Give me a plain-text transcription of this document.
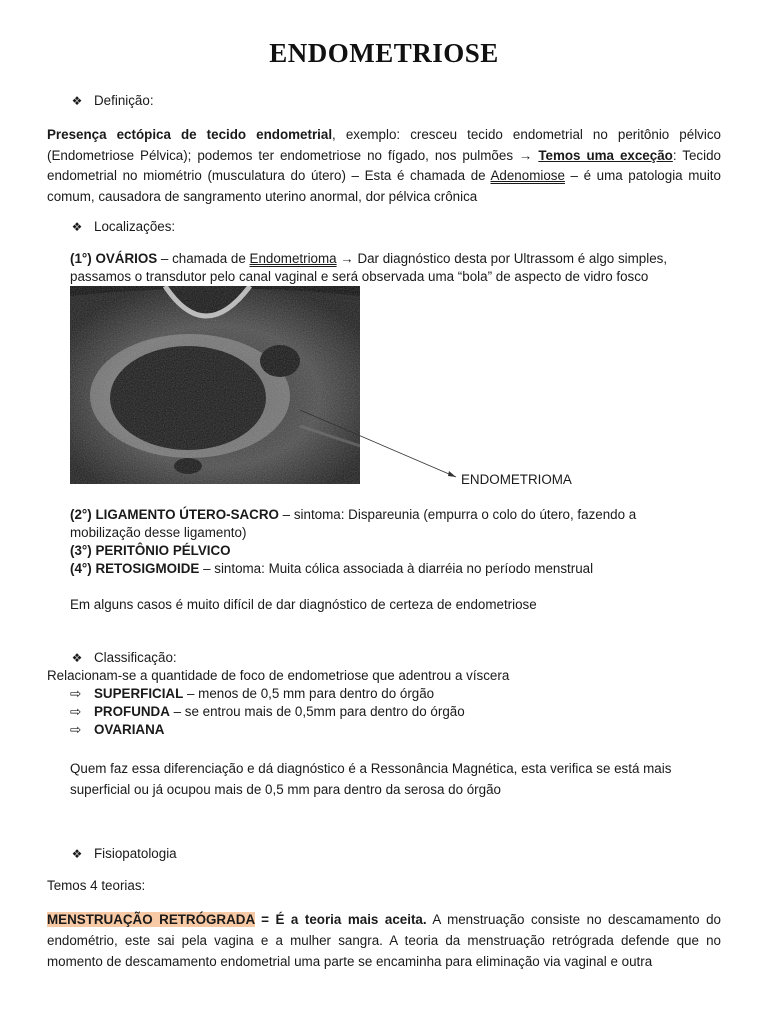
ENDOMETRIOSE
❖ Definição:
Presença ectópica de tecido endometrial, exemplo: cresceu tecido endometrial no peritônio pélvico (Endometriose Pélvica); podemos ter endometriose no fígado, nos pulmões → Temos uma exceção: Tecido endometrial no miométrio (musculatura do útero) – Esta é chamada de Adenomiose – é uma patologia muito comum, causadora de sangramento uterino anormal, dor pélvica crônica
❖ Localizações:
(1°) OVÁRIOS – chamada de Endometrioma → Dar diagnóstico desta por Ultrassom é algo simples, passamos o transdutor pelo canal vaginal e será observada uma “bola” de aspecto de vidro fosco
ENDOMETRIOMA
(2°) LIGAMENTO ÚTERO-SACRO – sintoma: Dispareunia (empurra o colo do útero, fazendo a mobilização desse ligamento)
(3°) PERITÔNIO PÉLVICO
(4°) RETOSIGMOIDE – sintoma: Muita cólica associada à diarréia no período menstrual
Em alguns casos é muito difícil de dar diagnóstico de certeza de endometriose
❖ Classificação:
Relacionam-se a quantidade de foco de endometriose que adentrou a víscera
⇨ SUPERFICIAL – menos de 0,5 mm para dentro do órgão
⇨ PROFUNDA – se entrou mais de 0,5mm para dentro do órgão
⇨ OVARIANA
Quem faz essa diferenciação e dá diagnóstico é a Ressonância Magnética, esta verifica se está mais superficial ou já ocupou mais de 0,5 mm para dentro da serosa do órgão
❖ Fisiopatologia
Temos 4 teorias:
MENSTRUAÇÃO RETRÓGRADA = É a teoria mais aceita. A menstruação consiste no descamamento do endométrio, este sai pela vagina e a mulher sangra. A teoria da menstruação retrógrada defende que no momento de descamamento endometrial uma parte se encaminha para eliminação via vaginal e outra
